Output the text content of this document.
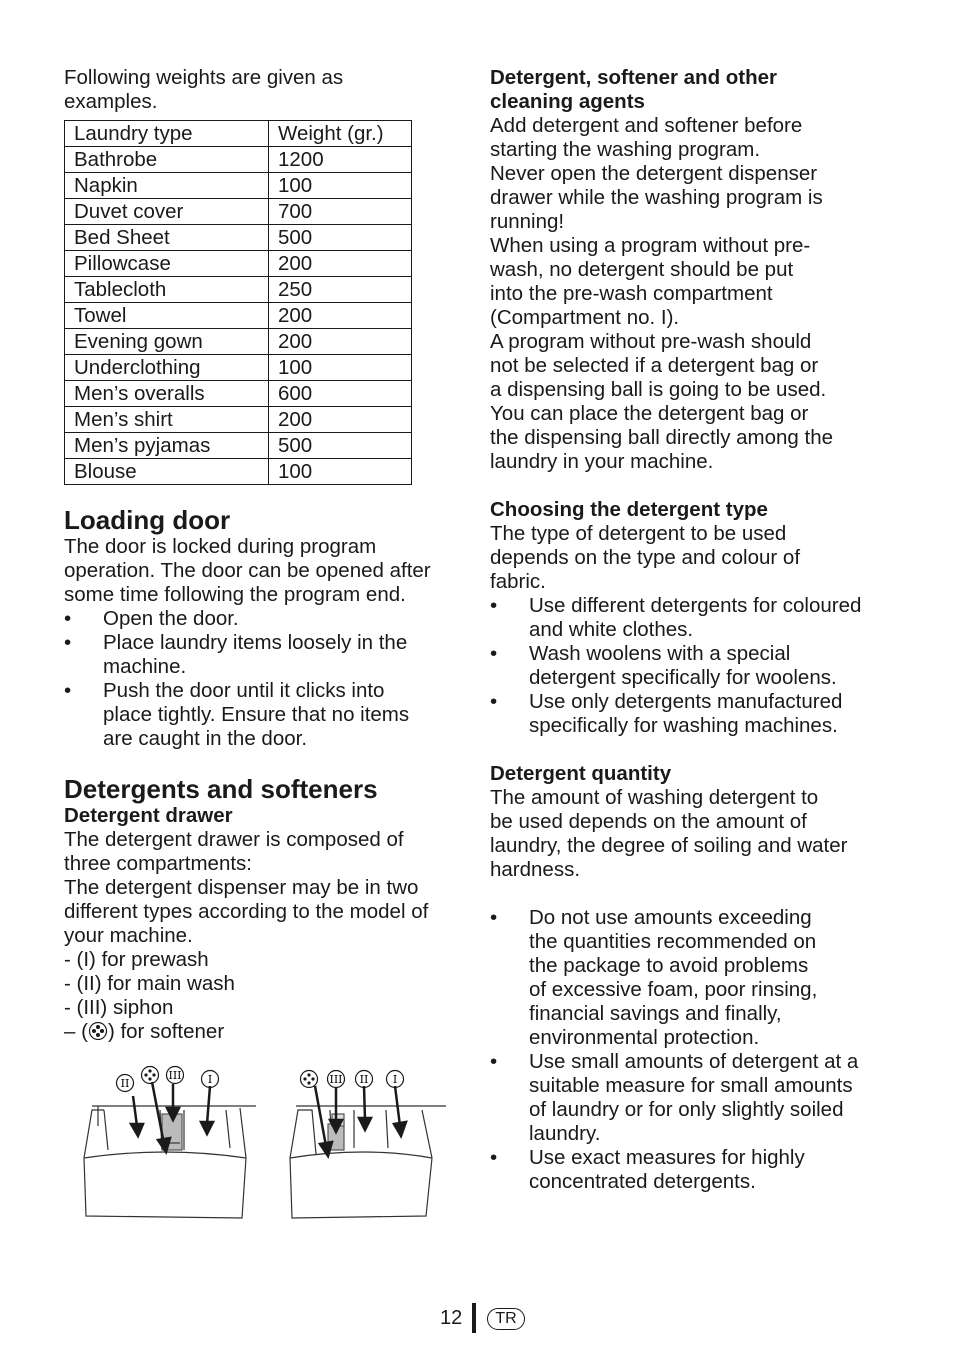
Following weights are given as
examples.

Laundry type	Weight (gr.)
Bathrobe	1200
Napkin	100
Duvet cover	700
Bed Sheet	500
Pillowcase	200
Tablecloth	250
Towel	200
Evening gown	200
Underclothing	100
Men’s overalls	600
Men’s shirt	200
Men’s pyjamas	500
Blouse	100
Loading door

The door is locked during program
operation. The door can be opened after
some time following the program end.

• Open the door.
• Place laundry items loosely in the
machine.
• Push the door until it clicks into
place tightly. Ensure that no items
are caught in the door.
Detergents and softeners
Detergent drawer

The detergent drawer is composed of
three compartments:
The detergent dispenser may be in two
different types according to the model of
your machine.
- (I) for prewash
- (II) for main wash
- (III) siphon
– ( ) for softener

II
III I	III II I
Detergent, softener and other
cleaning agents

Add detergent and softener before
starting the washing program.
Never open the detergent dispenser
drawer while the washing program is
running!
When using a program without pre-
wash, no detergent should be put
into the pre-wash compartment
(Compartment no. I).
A program without pre-wash should
not be selected if a detergent bag or
a dispensing ball is going to be used.
You can place the detergent bag or
the dispensing ball directly among the
laundry in your machine.

Choosing the detergent type

The type of detergent to be used
depends on the type and colour of
fabric.

• Use different detergents for coloured
and white clothes.
• Wash woolens with a special
detergent specifically for woolens.
• Use only detergents manufactured
specifically for washing machines.
Detergent quantity

The amount of washing detergent to
be used depends on the amount of
laundry, the degree of soiling and water
hardness.

• Do not use amounts exceeding
the quantities recommended on
the package to avoid problems
of excessive foam, poor rinsing,
financial savings and finally,
environmental protection.
• Use small amounts of detergent at a
suitable measure for small amounts
of laundry or for only slightly soiled
laundry.
• Use exact measures for highly
concentrated detergents.
12	TR
